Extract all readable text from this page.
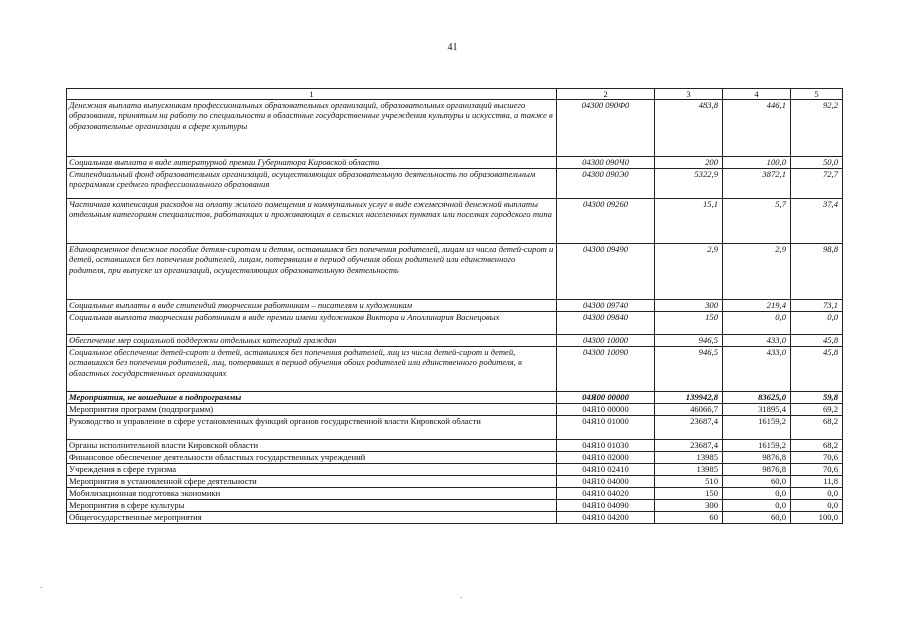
41
1	2	3	4	5
Денежная выплата выпускникам профессиональных образовательных организаций, образовательных организаций высшего образования, принятым на работу по специальности в областные государственные учреждения культуры и искусства, а также в образовательные организации в сфере культуры	04300 090Ф0	483,8	446,1	92,2
Социальная выплата в виде литературной премии Губернатора Кировской области	04300 090Ч0	200	100,0	50,0
Стипендиальный фонд образовательных организаций, осуществляющих образовательную деятельность по образовательным программам среднего профессионального образования	04300 090Э0	5322,9	3872,1	72,7
Частичная компенсация расходов на оплату жилого помещения и коммунальных услуг в виде ежемесячной денежной выплаты отдельным категориям специалистов, работающих и проживающих в сельских населенных пунктах или поселках городского типа	04300 09260	15,1	5,7	37,4
Единовременное денежное пособие детям-сиротам и детям, оставшимся без попечения родителей, лицам из числа детей-сирот и детей, оставшихся без попечения родителей, лицам, потерявшим в период обучения обоих родителей или единственного родителя, при выпуске из организаций, осуществляющих образовательную деятельность	04300 09490	2,9	2,9	98,8
Социальные выплаты в виде стипендий творческим работникам – писателям и художникам	04300 09740	300	219,4	73,1
Социальная выплата творческим работникам в виде премии имени художников Виктора и Аполлинария Васнецовых	04300 09840	150	0,0	0,0
Обеспечение мер социальной поддержки отдельных категорий граждан	04300 10000	946,5	433,0	45,8
Социальное обеспечение детей-сирот и детей, оставшихся без попечения родителей, лиц из числа детей-сирот и детей, оставшихся без попечения родителей, лиц, потерявших в период обучения обоих родителей или единственного родителя, в областных государственных организациях	04300 10090	946,5	433,0	45,8
Мероприятия, не вошедшие в подпрограммы	04Я00 00000	139942,8	83625,0	59,8
Мероприятия программ (подпрограмм)	04Я10 00000	46066,7	31895,4	69,2
Руководство и управление в сфере установленных функций органов государственной власти Кировской области	04Я10 01000	23687,4	16159,2	68,2
Органы исполнительной власти Кировской области	04Я10 01030	23687,4	16159,2	68,2
Финансовое обеспечение деятельности областных государственных учреждений	04Я10 02000	13985	9876,8	70,6
Учреждения в сфере туризма	04Я10 02410	13985	9876,8	70,6
Мероприятия в установленной сфере деятельности	04Я10 04000	510	60,0	11,8
Мобилизационная подготовка экономики	04Я10 04020	150	0,0	0,0
Мероприятия в сфере культуры	04Я10 04090	300	0,0	0,0
Общегосударственные мероприятия	04Я10 04200	60	60,0	100,0
.
.
